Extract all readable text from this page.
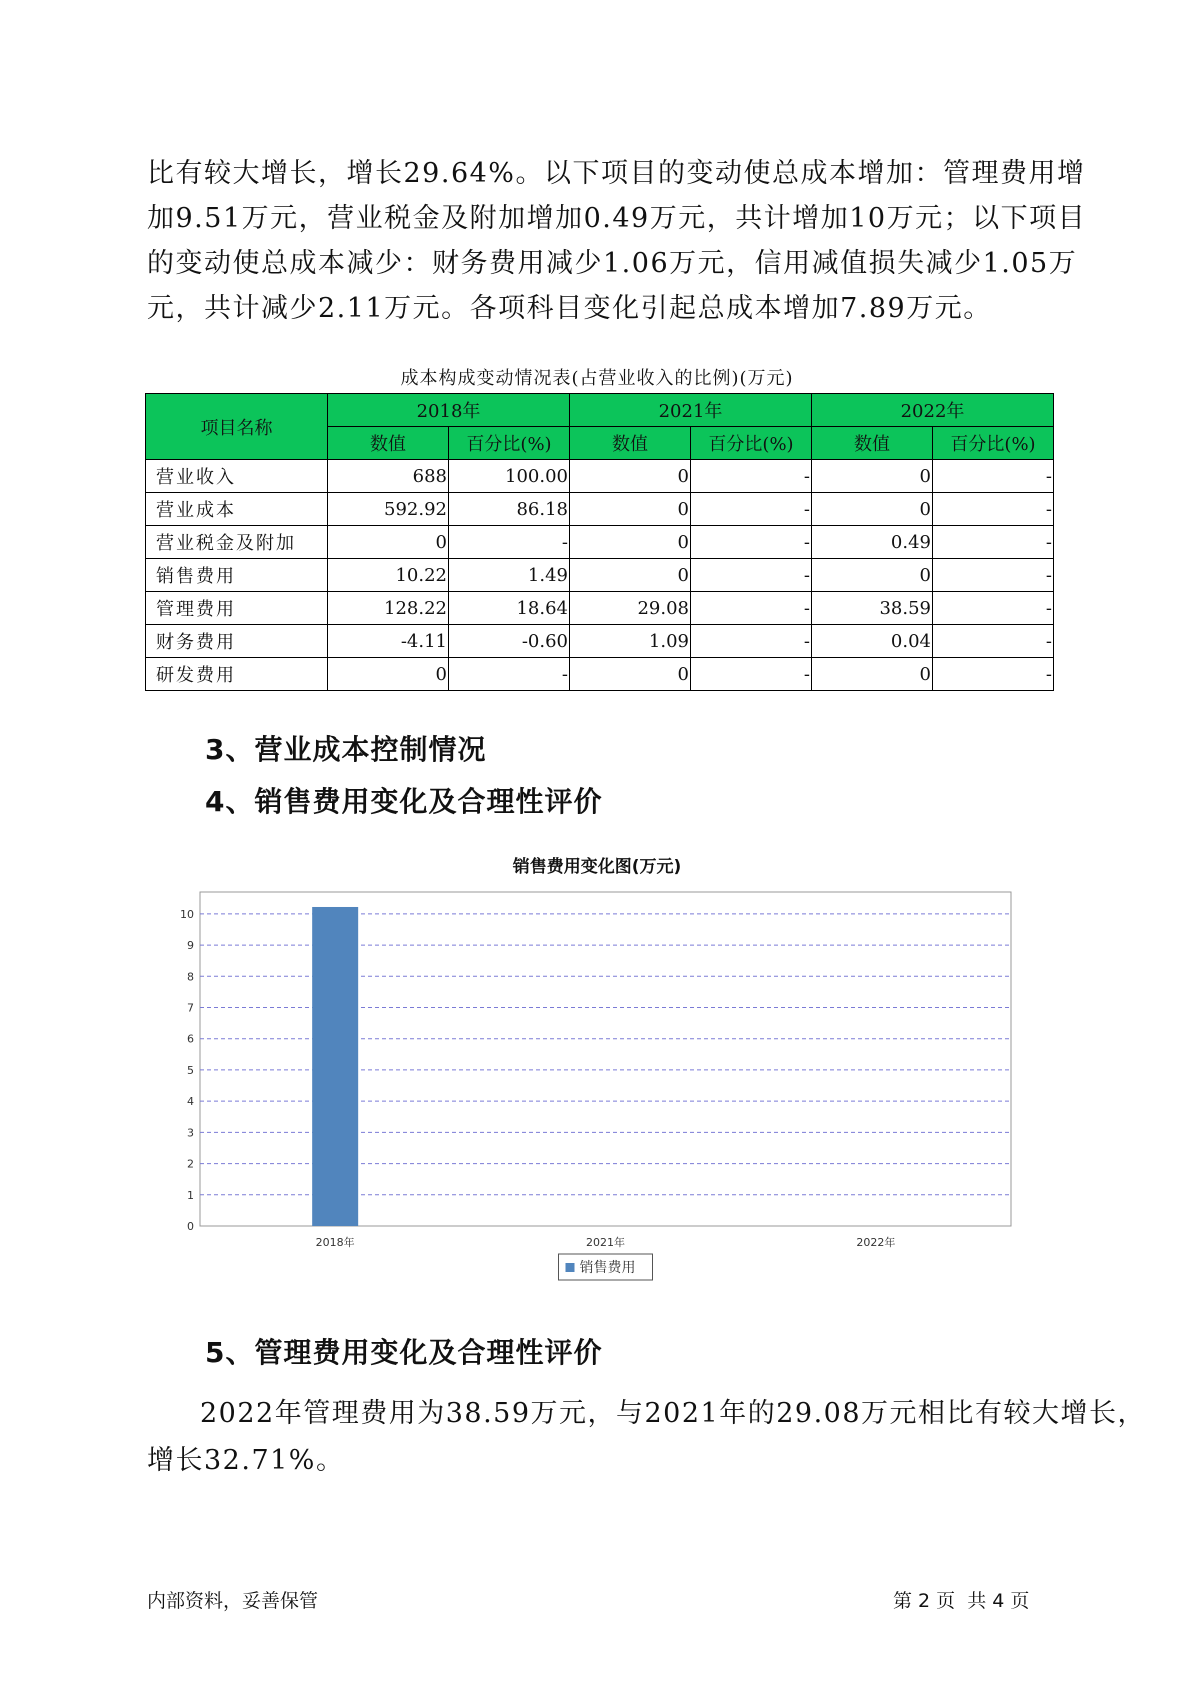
比有较大增长，增长29.64%。以下项目的变动使总成本增加：管理费用增

加9.51万元，营业税金及附加增加0.49万元，共计增加10万元；以下项目

的变动使总成本减少：财务费用减少1.06万元，信用减值损失减少1.05万

元，共计减少2.11万元。各项科目变化引起总成本增加7.89万元。

成本构成变动情况表(占营业收入的比例)(万元)
项目名称	2018年		2021年		2022年	
	数值	百分比(%)	数值	百分比(%)	数值	百分比(%)
营业收入	688	100.00	0	-	0	-
营业成本	592.92	86.18	0	-	0	-
营业税金及附加	0	-	0	-	0.49	-
销售费用	10.22	1.49	0	-	0	-
管理费用	128.22	18.64	29.08	-	38.59	-
财务费用	-4.11	-0.60	1.09	-	0.04	-
研发费用	0	-	0	-	0	-
3、营业成本控制情况
4、销售费用变化及合理性评价
销售费用变化图(万元)
0
1
2
3
4
5
6
7
8
9
10
2018年	2021年	2022年
销售费用
5、管理费用变化及合理性评价

2022年管理费用为38.59万元，与2021年的29.08万元相比有较大增长，

增长32.71%。

内部资料，妥善保管	第 2 页  共 4 页
